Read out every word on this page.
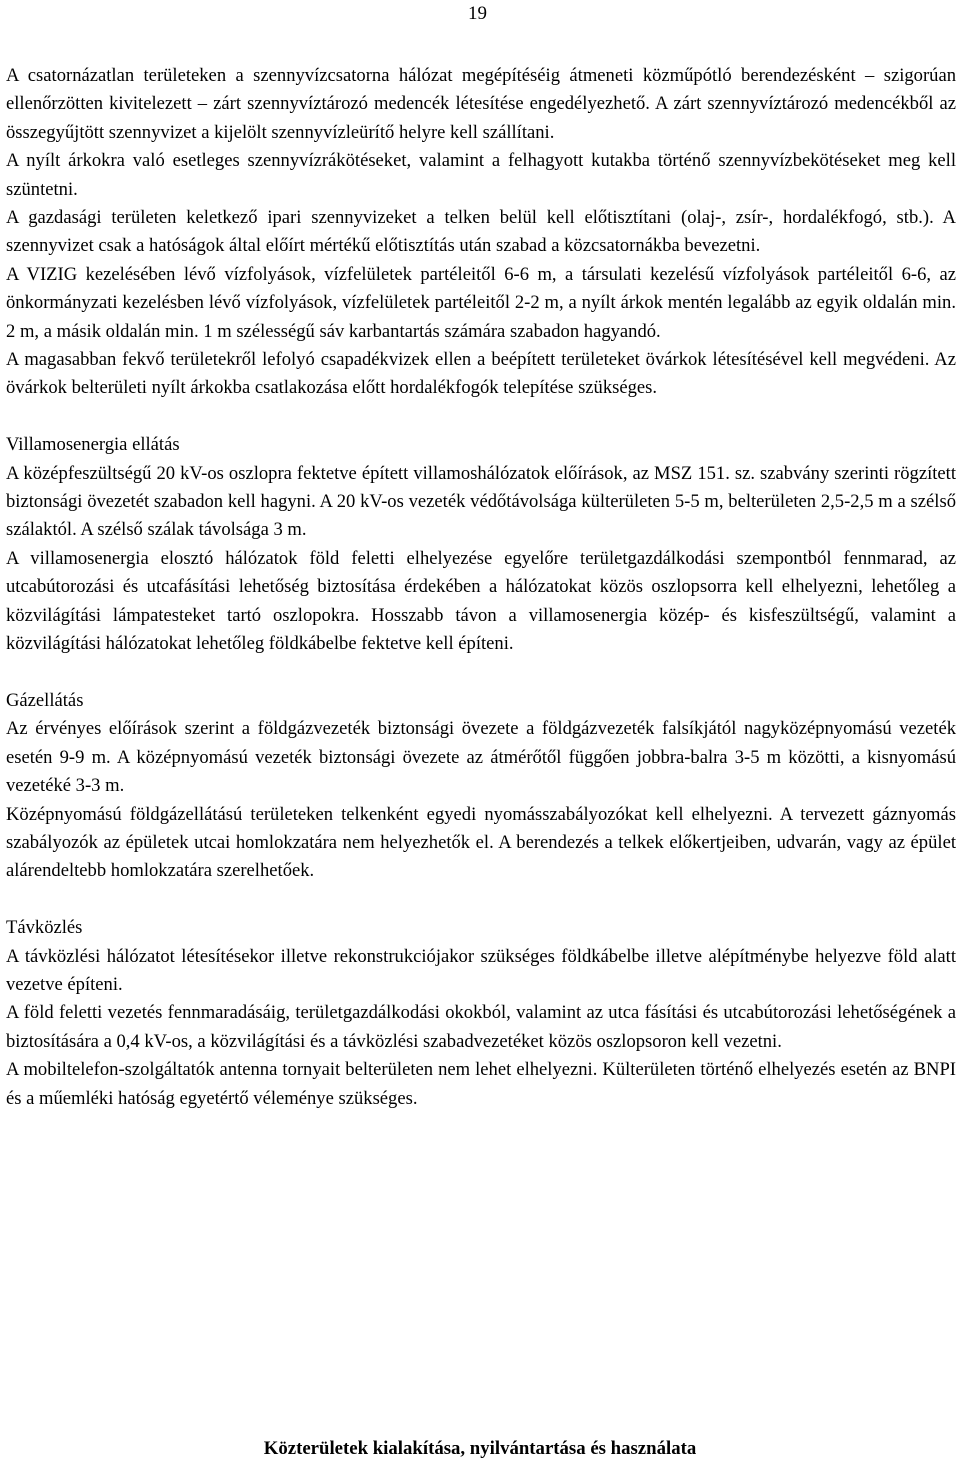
19

A csatornázatlan területeken a szennyvízcsatorna hálózat megépítéséig átmeneti közműpótló berendezésként – szigorúan ellenőrzötten kivitelezett – zárt szennyvíztározó medencék létesítése engedélyezhető. A zárt szennyvíztározó medencékből az összegyűjtött szennyvizet a kijelölt szennyvízleürítő helyre kell szállítani.

A nyílt árkokra való esetleges szennyvízrákötéseket, valamint a felhagyott kutakba történő szennyvízbekötéseket meg kell szüntetni.

A gazdasági területen keletkező ipari szennyvizeket a telken belül kell előtisztítani (olaj-, zsír-, hordalékfogó, stb.). A szennyvizet csak a hatóságok által előírt mértékű előtisztítás után szabad a közcsatornákba bevezetni.

A VIZIG kezelésében lévő vízfolyások, vízfelületek partéleitől 6-6 m, a társulati kezelésű vízfolyások partéleitől 6-6, az önkormányzati kezelésben lévő vízfolyások, vízfelületek partéleitől 2-2 m, a nyílt árkok mentén legalább az egyik oldalán min. 2 m, a másik oldalán min. 1 m szélességű sáv karbantartás számára szabadon hagyandó.

A magasabban fekvő területekről lefolyó csapadékvizek ellen a beépített területeket övárkok létesítésével kell megvédeni. Az övárkok belterületi nyílt árkokba csatlakozása előtt hordalékfogók telepítése szükséges.

Villamosenergia ellátás

A középfeszültségű 20 kV-os oszlopra fektetve épített villamoshálózatok előírások, az MSZ 151. sz. szabvány szerinti rögzített biztonsági övezetét szabadon kell hagyni. A 20 kV-os vezeték védőtávolsága külterületen 5-5 m, belterületen 2,5-2,5 m a szélső szálaktól. A szélső szálak távolsága 3 m.

A villamosenergia elosztó hálózatok föld feletti elhelyezése egyelőre területgazdálkodási szempontból fennmarad, az utcabútorozási és utcafásítási lehetőség biztosítása érdekében a hálózatokat közös oszlopsorra kell elhelyezni, lehetőleg a közvilágítási lámpatesteket tartó oszlopokra. Hosszabb távon a villamosenergia közép- és kisfeszültségű, valamint a közvilágítási hálózatokat lehetőleg földkábelbe fektetve kell építeni.

Gázellátás

Az érvényes előírások szerint a földgázvezeték biztonsági övezete a földgázvezeték falsíkjától nagyközépnyomású vezeték esetén 9-9 m. A középnyomású vezeték biztonsági övezete az átmérőtől függően jobbra-balra 3-5 m közötti, a kisnyomású vezetéké 3-3 m.

Középnyomású földgázellátású területeken telkenként egyedi nyomásszabályozókat kell elhelyezni. A tervezett gáznyomás szabályozók az épületek utcai homlokzatára nem helyezhetők el. A berendezés a telkek előkertjeiben, udvarán, vagy az épület alárendeltebb homlokzatára szerelhetőek.

Távközlés

A távközlési hálózatot létesítésekor illetve rekonstrukciójakor szükséges földkábelbe illetve alépítménybe helyezve föld alatt vezetve építeni.

A föld feletti vezetés fennmaradásáig, területgazdálkodási okokból, valamint az utca fásítási és utcabútorozási lehetőségének a biztosítására a 0,4 kV-os, a közvilágítási és a távközlési szabadvezetéket közös oszlopsoron kell vezetni.

A mobiltelefon-szolgáltatók antenna tornyait belterületen nem lehet elhelyezni. Külterületen történő elhelyezés esetén az BNPI és a műemléki hatóság egyetértő véleménye szükséges.

Közterületek kialakítása, nyilvántartása és használata
